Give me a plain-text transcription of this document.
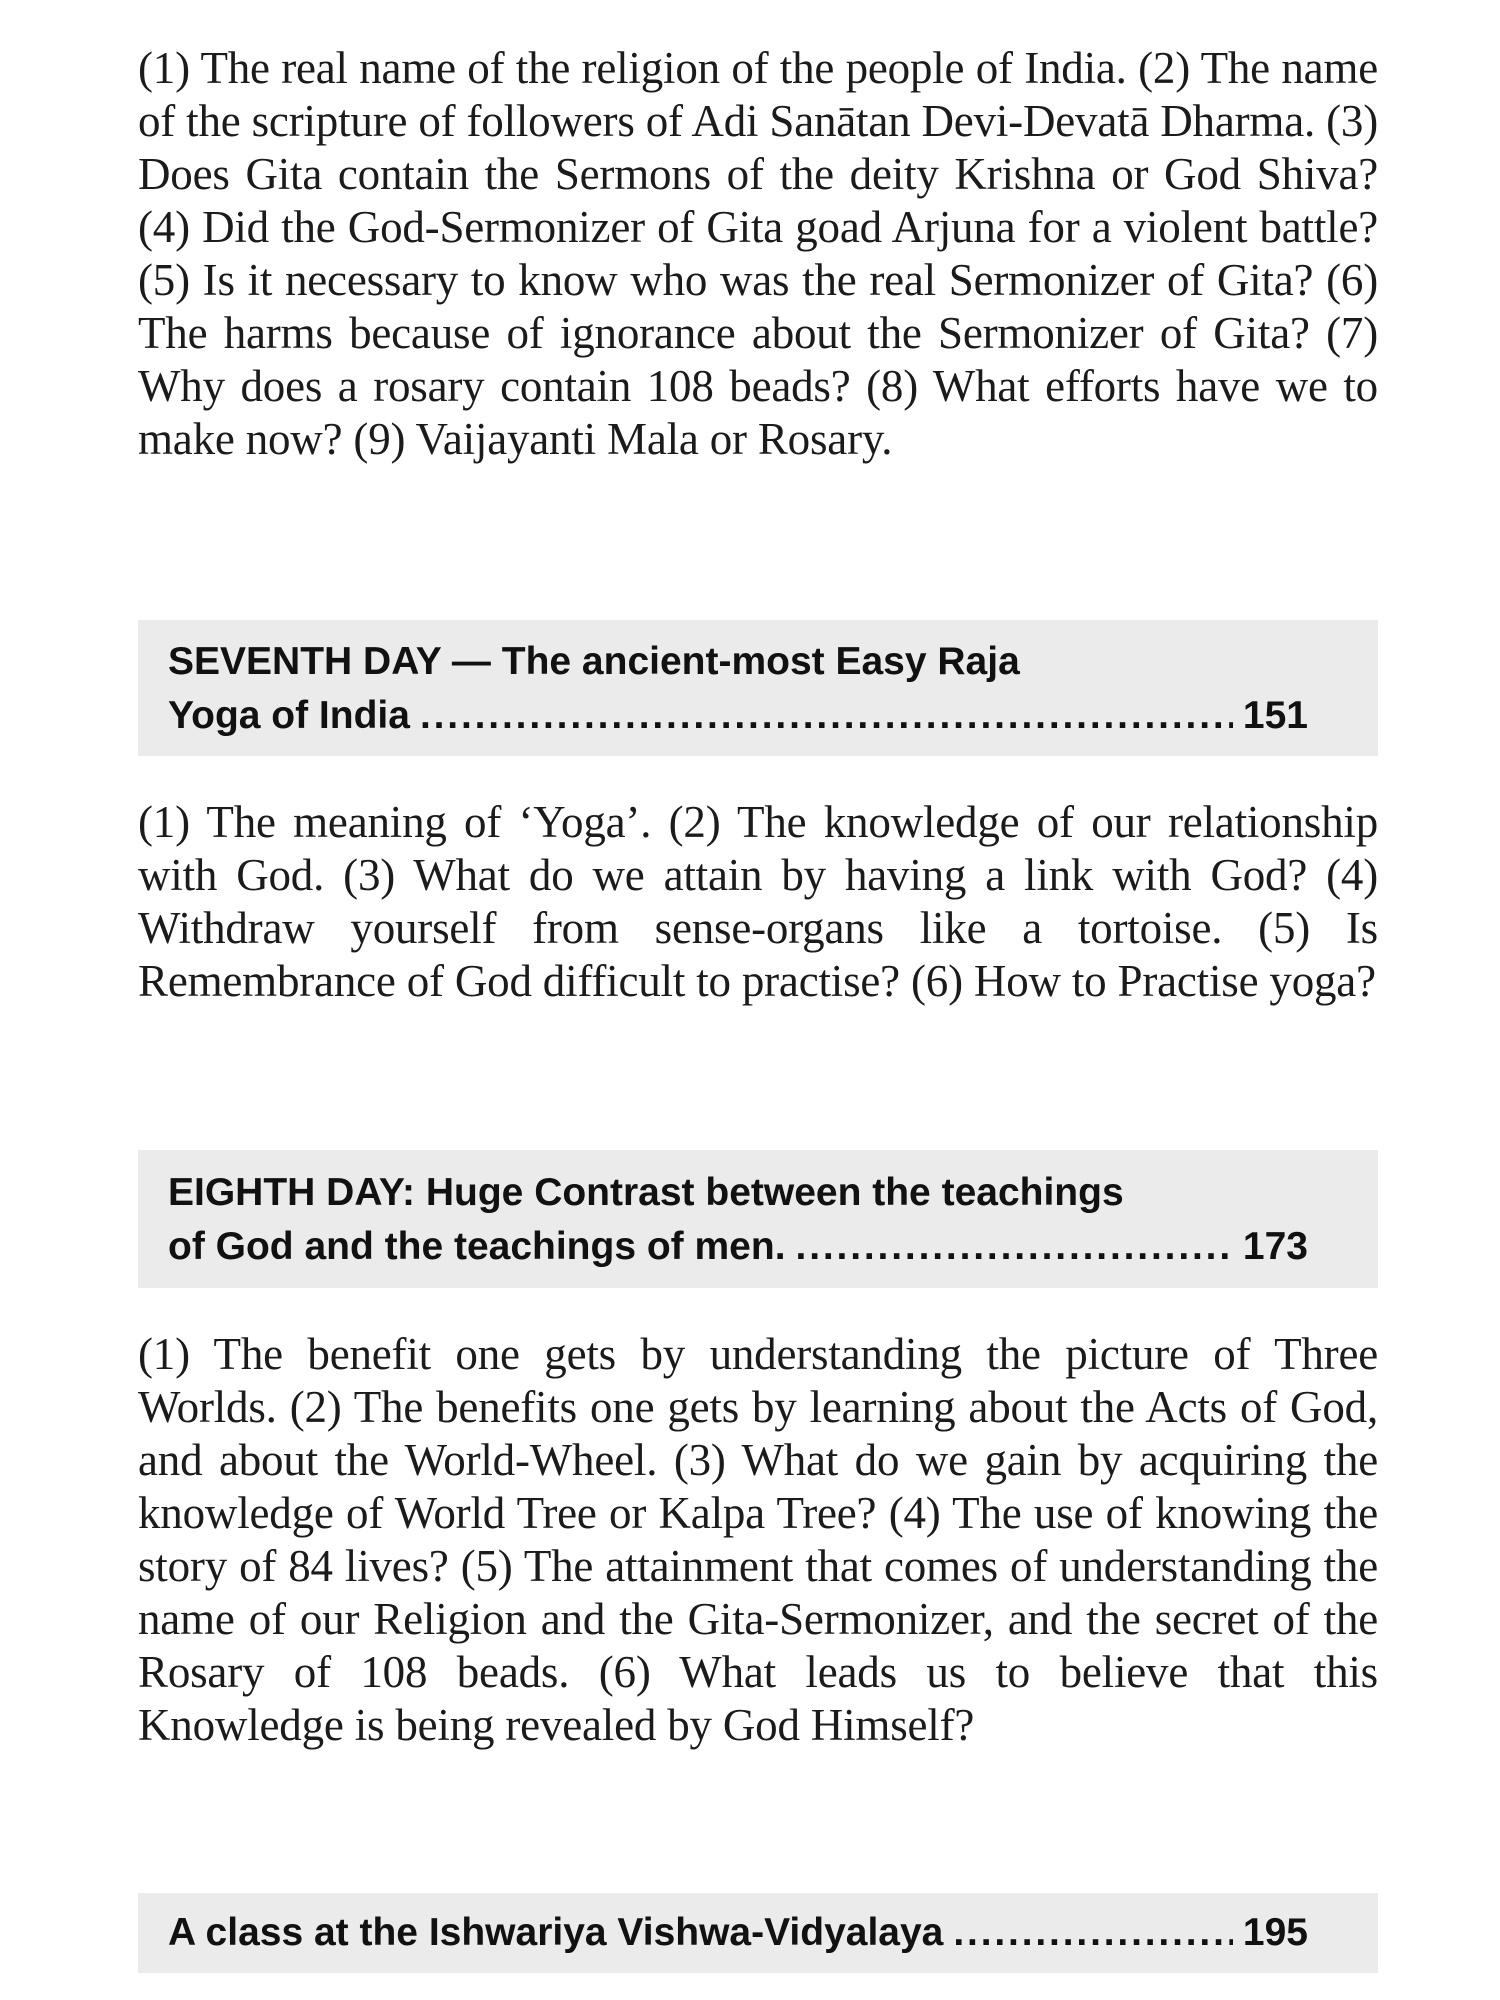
(1) The real name of the religion of the people of India. (2) The name of the scripture of followers of Adi Sanātan Devi-Devatā Dharma. (3) Does Gita contain the Sermons of the deity Krishna or God Shiva? (4) Did the God-Sermonizer of Gita goad Arjuna for a violent battle? (5) Is it necessary to know who was the real Sermonizer of Gita? (6) The harms because of ignorance about the Sermonizer of Gita? (7) Why does a rosary contain 108 beads? (8) What efforts have we to make now? (9) Vaijayanti Mala or Rosary.

SEVENTH DAY — The ancient-most Easy Raja
Yoga of India . . .	151

(1) The meaning of ‘Yoga’. (2) The knowledge of our relationship with God. (3) What do we attain by having a link with God? (4) Withdraw yourself from sense-organs like a tortoise. (5) Is Remembrance of God difficult to practise? (6) How to Practise yoga?

EIGHTH DAY: Huge Contrast between the teachings
of God and the teachings of men. . . .	173

(1) The benefit one gets by understanding the picture of Three Worlds. (2) The benefits one gets by learning about the Acts of God, and about the World-Wheel. (3) What do we gain by acquiring the knowledge of World Tree or Kalpa Tree? (4) The use of knowing the story of 84 lives? (5) The attainment that comes of understanding the name of our Religion and the Gita-Sermonizer, and the secret of the Rosary of 108 beads. (6) What leads us to believe that this Knowledge is being revealed by God Himself?

A class at the Ishwariya Vishwa-Vidyalaya . . .	195
